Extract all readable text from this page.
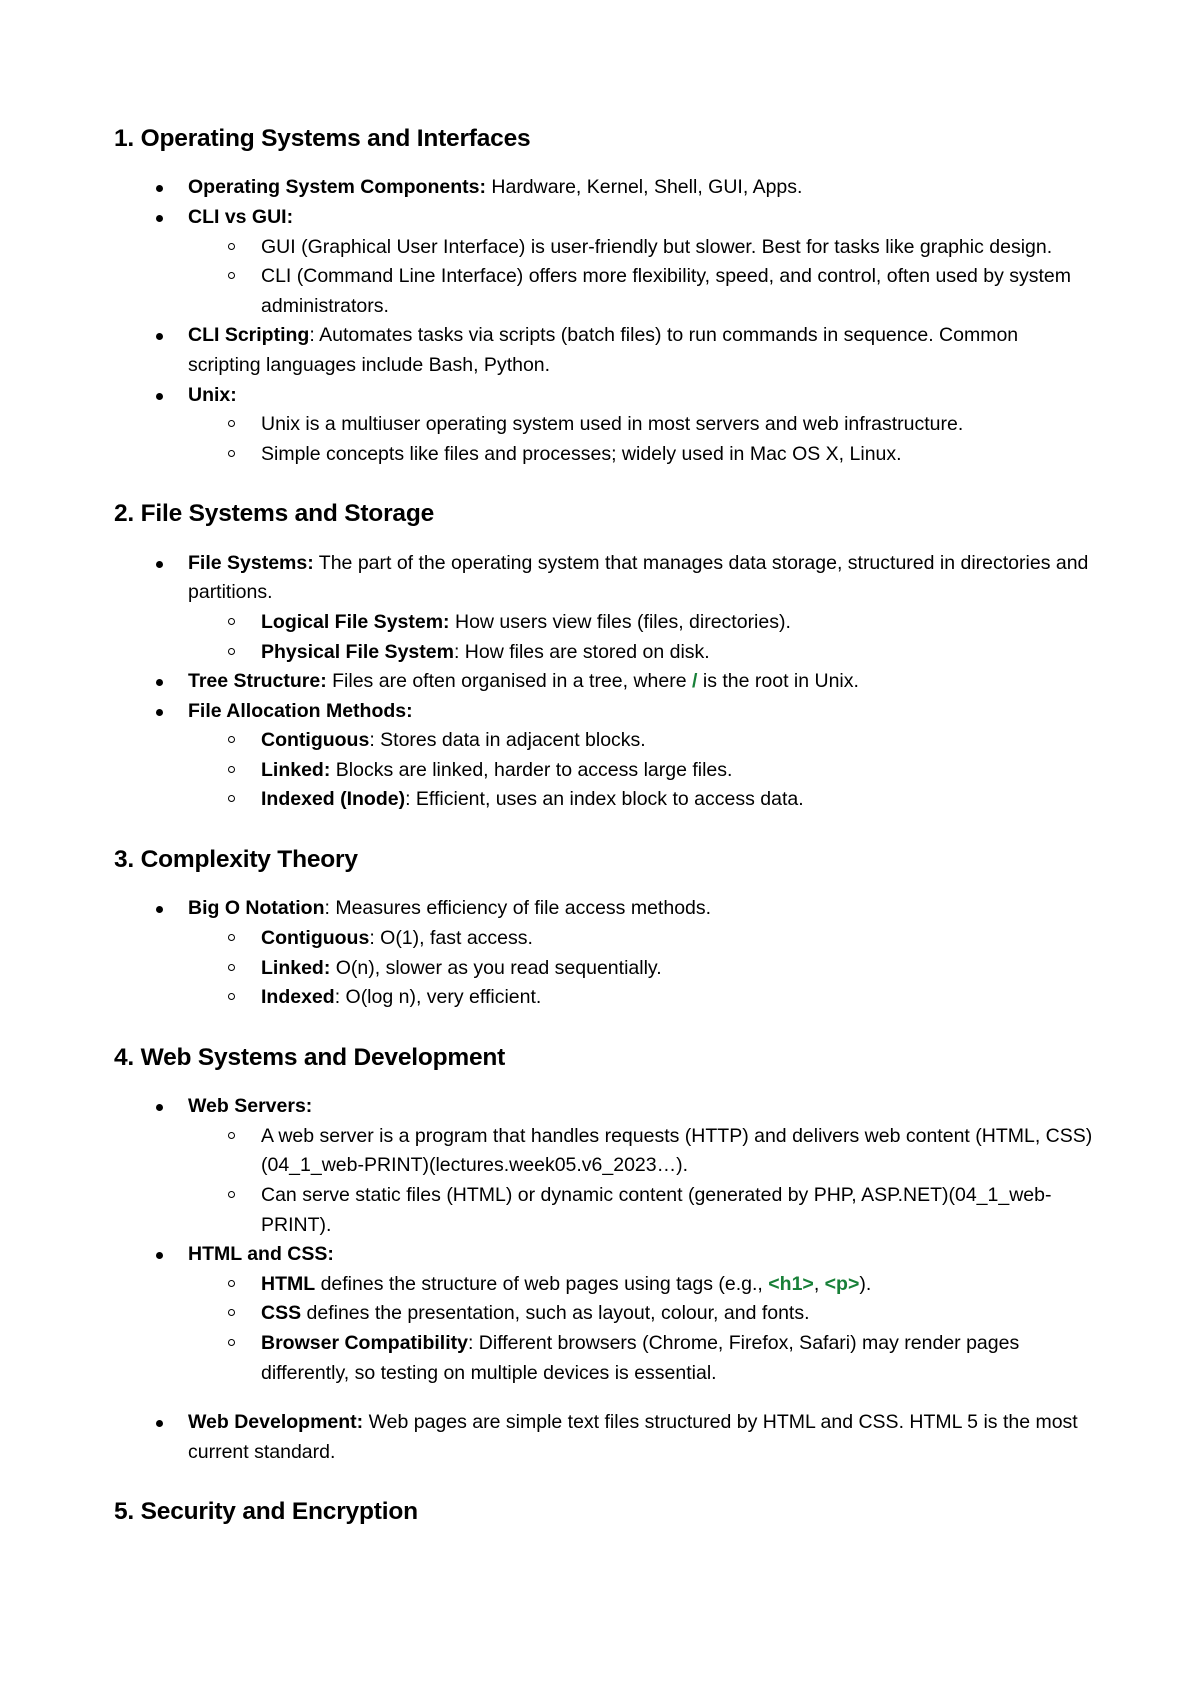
1. Operating Systems and Interfaces
Operating System Components: Hardware, Kernel, Shell, GUI, Apps.
CLI vs GUI:
GUI (Graphical User Interface) is user-friendly but slower. Best for tasks like graphic design.
CLI (Command Line Interface) offers more flexibility, speed, and control, often used by system administrators.
CLI Scripting: Automates tasks via scripts (batch files) to run commands in sequence. Common scripting languages include Bash, Python.
Unix:
Unix is a multiuser operating system used in most servers and web infrastructure.
Simple concepts like files and processes; widely used in Mac OS X, Linux.
2. File Systems and Storage
File Systems: The part of the operating system that manages data storage, structured in directories and partitions.
Logical File System: How users view files (files, directories).
Physical File System: How files are stored on disk.
Tree Structure: Files are often organised in a tree, where / is the root in Unix.
File Allocation Methods:
Contiguous: Stores data in adjacent blocks.
Linked: Blocks are linked, harder to access large files.
Indexed (Inode): Efficient, uses an index block to access data.
3. Complexity Theory
Big O Notation: Measures efficiency of file access methods.
Contiguous: O(1), fast access.
Linked: O(n), slower as you read sequentially.
Indexed: O(log n), very efficient.
4. Web Systems and Development
Web Servers:
A web server is a program that handles requests (HTTP) and delivers web content (HTML, CSS)(04_1_web-PRINT)(lectures.week05.v6_2023…).
Can serve static files (HTML) or dynamic content (generated by PHP, ASP.NET)(04_1_web-PRINT).
HTML and CSS:
HTML defines the structure of web pages using tags (e.g., <h1>, <p>).
CSS defines the presentation, such as layout, colour, and fonts.
Browser Compatibility: Different browsers (Chrome, Firefox, Safari) may render pages differently, so testing on multiple devices is essential.
Web Development: Web pages are simple text files structured by HTML and CSS. HTML 5 is the most current standard.
5. Security and Encryption
